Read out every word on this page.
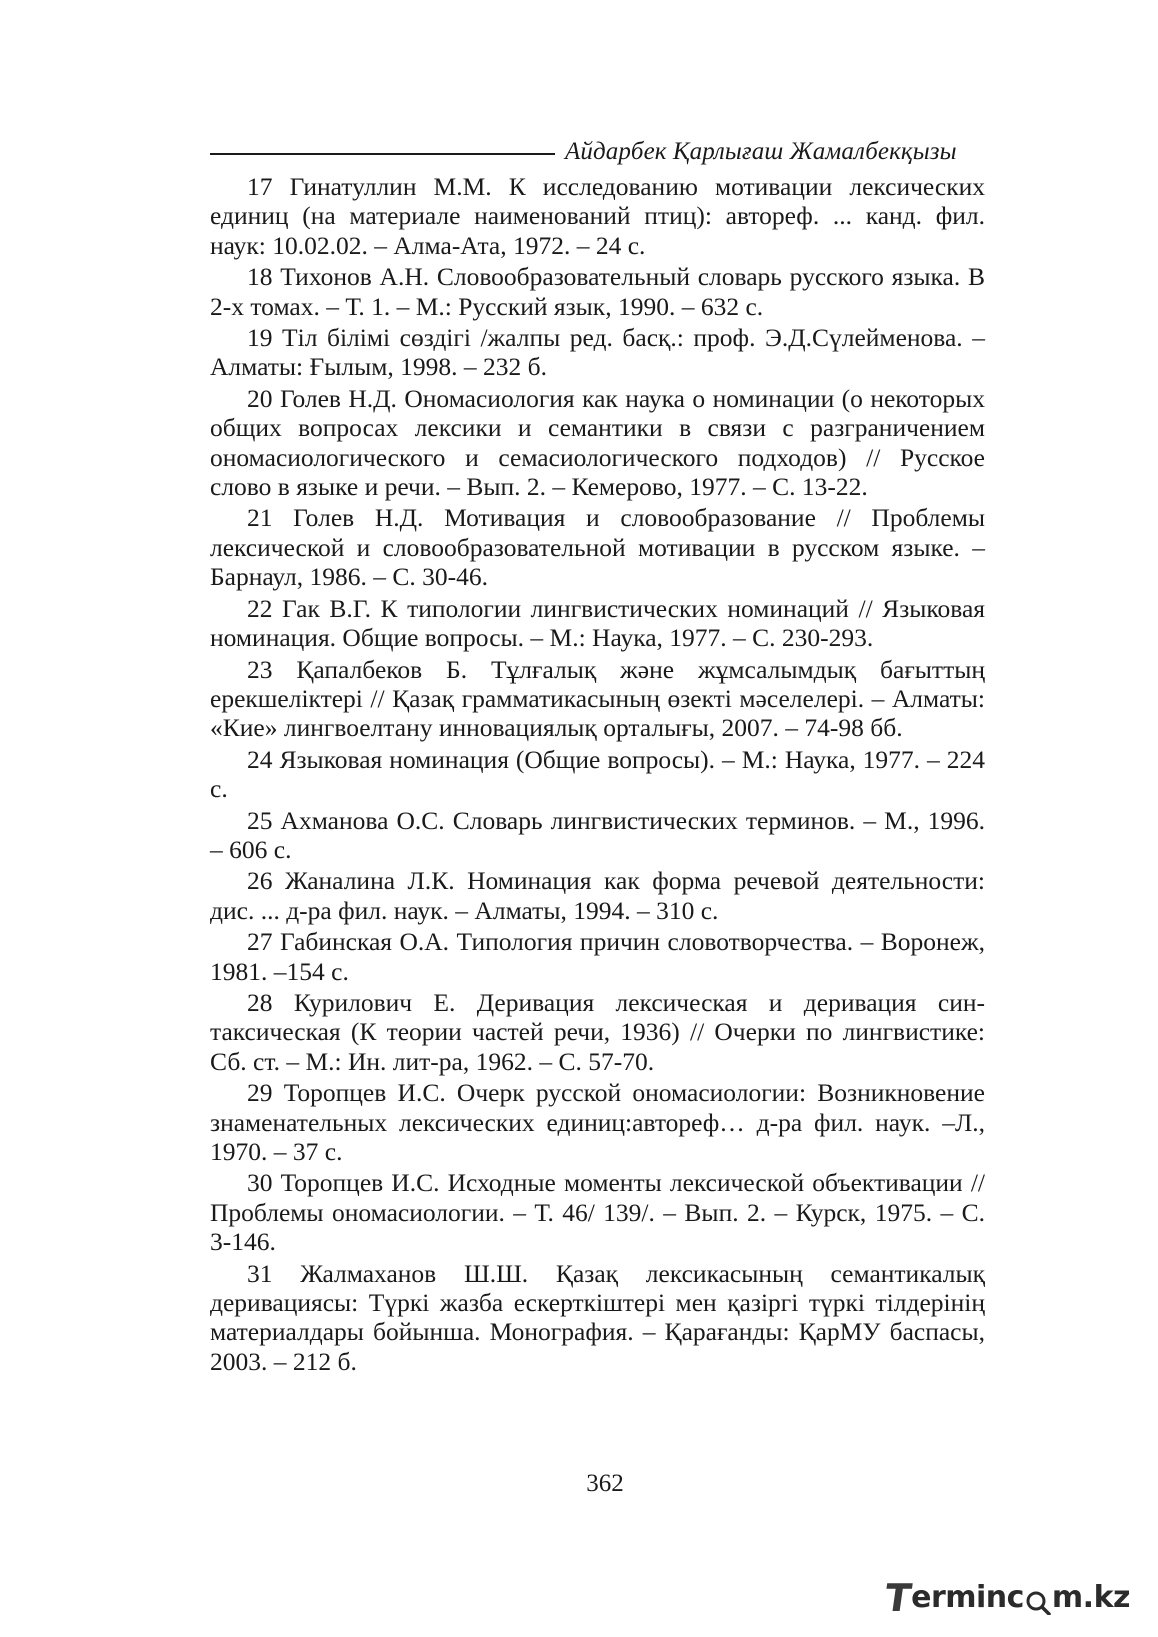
Айдарбек Қарлығаш Жамалбекқызы
17 Гинатуллин М.М. К исследованию мотивации лексических единиц (на материале наименований птиц): автореф. ... канд. фил. наук: 10.02.02. – Алма-Ата, 1972. – 24 с.
18 Тихонов А.Н. Словообразовательный словарь русского языка. В 2-х томах. – Т. 1. – М.: Русский язык, 1990. – 632 с.
19 Тіл білімі сөздігі /жалпы ред. басқ.: проф. Э.Д.Сүлейменова. – Алматы: Ғылым, 1998. – 232 б.
20 Голев Н.Д. Ономасиология как наука о номинации (о некоторых общих вопросах лексики и семантики в связи с разграничением ономасиологического и семасиологического подходов) // Русское слово в языке и речи. – Вып. 2. – Кемерово, 1977. – С. 13-22.
21 Голев Н.Д. Мотивация и словообразование // Проблемы лексической и словообразовательной мотивации в русском языке. – Барнаул, 1986. – С. 30-46.
22 Гак В.Г. К типологии лингвистических номинаций // Языковая номинация. Общие вопросы. – М.: Наука, 1977. – С. 230-293.
23 Қапалбеков Б. Тұлғалық және жұмсалымдық бағыттың ерекшеліктері // Қазақ грамматикасының өзекті мәселелері. – Алматы: «Кие» лингвоелтану инновациялық орталығы, 2007. – 74-98 бб.
24 Языковая номинация (Общие вопросы). – М.: Наука, 1977. – 224 с.
25 Ахманова О.С. Словарь лингвистических терминов. – М., 1996. – 606 с.
26 Жаналина Л.К. Номинация как форма речевой деятельности: дис. ... д-ра фил. наук. – Алматы, 1994. – 310 с.
27 Габинская О.А. Типология причин словотворчества. – Воронеж, 1981. –154 с.
28 Курилович Е. Деривация лексическая и деривация синтаксическая (К теории частей речи, 1936) // Очерки по лингвистике: Сб. ст. – М.: Ин. лит-ра, 1962. – С. 57-70.
29 Торопцев И.С. Очерк русской ономасиологии: Возникновение знаменательных лексических единиц:автореф… д-ра фил. наук. –Л., 1970. – 37 с.
30 Торопцев И.С. Исходные моменты лексической объективации // Проблемы ономасиологии. – Т. 46/ 139/. – Вып. 2. – Курск, 1975. – С. 3-146.
31 Жалмаханов Ш.Ш. Қазақ лексикасының семантикалық деривациясы: Түркі жазба ескерткіштері мен қазіргі түркі тілдерінің материалдары бойынша. Монография. – Қарағанды: ҚарМУ баспасы, 2003. – 212 б.
362
T
erminc m.kz
